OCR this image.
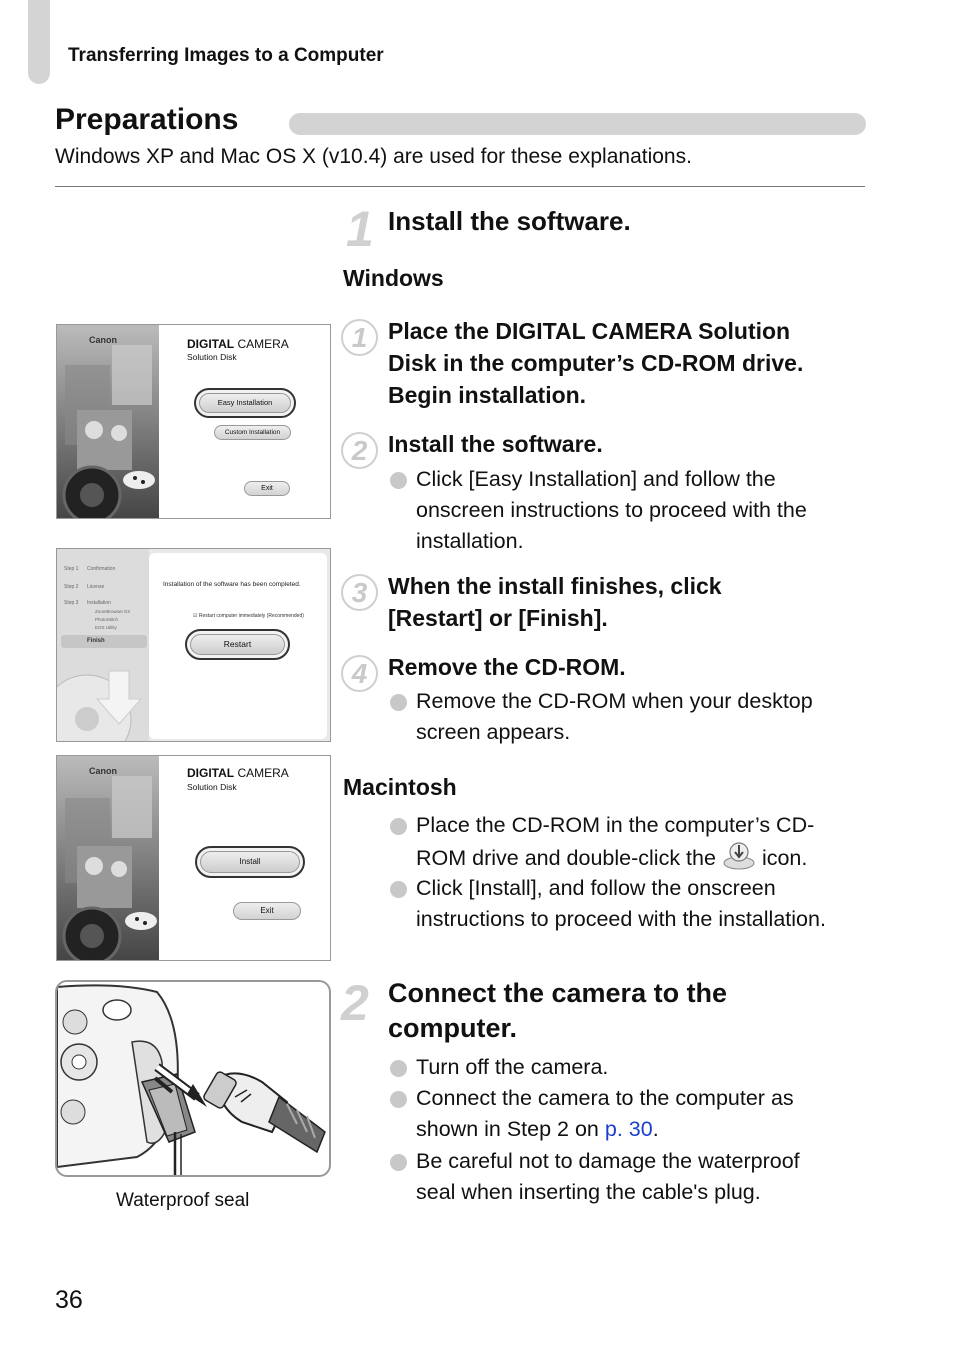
Transferring Images to a Computer
Preparations
Windows XP and Mac OS X (v10.4) are used for these explanations.
1 Install the software.
Windows
1 Place the DIGITAL CAMERA Solution
Disk in the computer’s CD-ROM drive.
Begin installation.
2 Install the software.
Click [Easy Installation] and follow the
onscreen instructions to proceed with the
installation.
3 When the install finishes, click
[Restart] or [Finish].
4 Remove the CD-ROM.
Remove the CD-ROM when your desktop
screen appears.
Macintosh
Place the CD-ROM in the computer’s CD-
ROM drive and double-click the icon.
Click [Install], and follow the onscreen
instructions to proceed with the installation.
2 Connect the camera to the
computer.
Turn off the camera.
Connect the camera to the computer as
shown in Step 2 on p. 30.
Be careful not to damage the waterproof
seal when inserting the cable's plug.
Canon	DIGITAL CAMERA
Solution Disk
Easy Installation
Custom Installation
Exit
Step 1 Confirmation
Step 2 License
Step 3 Installation
ZoomBrowser EX
PhotoStitch
EOS Utility
Finish
Installation of the software has been completed.
☑ Restart computer immediately (Recommended)
Restart
Canon	DIGITAL CAMERA
Solution Disk
Install
Exit
Waterproof seal
36
